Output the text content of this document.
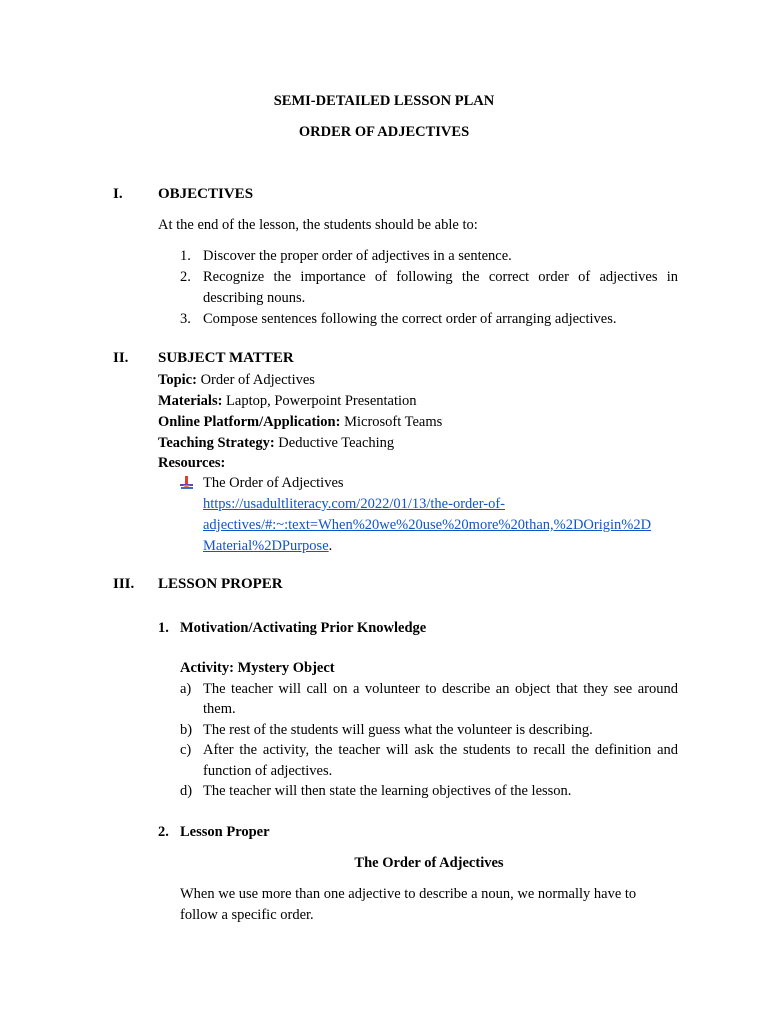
SEMI-DETAILED LESSON PLAN
ORDER OF ADJECTIVES
I. OBJECTIVES
At the end of the lesson, the students should be able to:
1. Discover the proper order of adjectives in a sentence.
2. Recognize the importance of following the correct order of adjectives in
describing nouns.
3. Compose sentences following the correct order of arranging adjectives.
II. SUBJECT MATTER
Topic: Order of Adjectives
Materials: Laptop, Powerpoint Presentation
Online Platform/Application: Microsoft Teams
Teaching Strategy: Deductive Teaching
Resources:
The Order of Adjectives
https://usadultliteracy.com/2022/01/13/the-order-of-
adjectives/#:~:text=When%20we%20use%20more%20than,%2DOrigin%2D
Material%2DPurpose.
III. LESSON PROPER
1. Motivation/Activating Prior Knowledge
Activity: Mystery Object
a) The teacher will call on a volunteer to describe an object that they see around
them.
b) The rest of the students will guess what the volunteer is describing.
c) After the activity, the teacher will ask the students to recall the definition and
function of adjectives.
d) The teacher will then state the learning objectives of the lesson.
2. Lesson Proper
The Order of Adjectives
When we use more than one adjective to describe a noun, we normally have to
follow a specific order.
